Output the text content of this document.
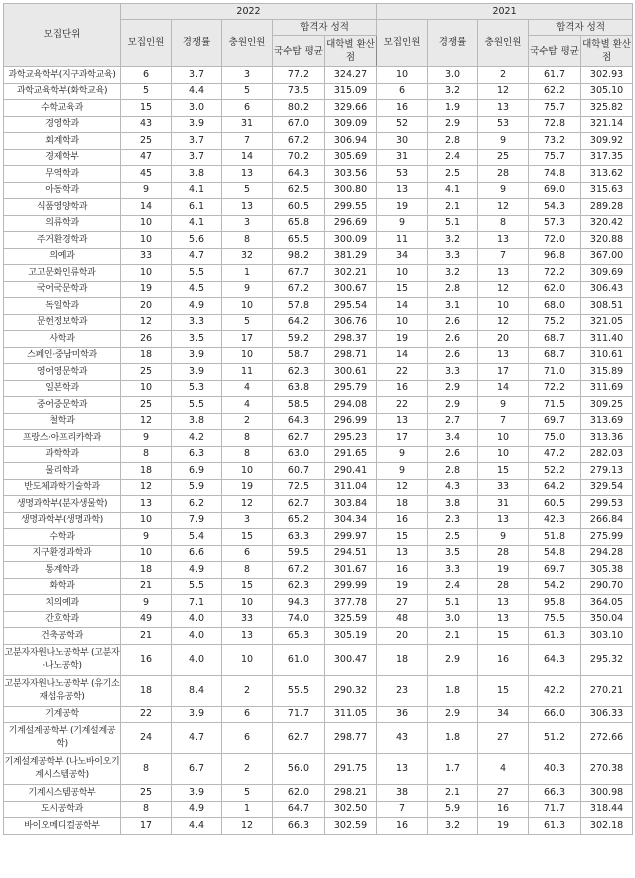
모집단위	2022					2021				
	모집인원	경쟁률	충원인원	합격자 성적		모집인원	경쟁률	충원인원	합격자 성적	
				국수탐 평균	대학별 환산점				국수탐 평균	대학별 환산점
과학교육학부(지구과학교육)	6	3.7	3	77.2	324.27	10	3.0	2	61.7	302.93
과학교육학부(화학교육)	5	4.4	5	73.5	315.09	6	3.2	12	62.2	305.10
수학교육과	15	3.0	6	80.2	329.66	16	1.9	13	75.7	325.82
경영학과	43	3.9	31	67.0	309.09	52	2.9	53	72.8	321.14
회계학과	25	3.7	7	67.2	306.94	30	2.8	9	73.2	309.92
경제학부	47	3.7	14	70.2	305.69	31	2.4	25	75.7	317.35
무역학과	45	3.8	13	64.3	303.56	53	2.5	28	74.8	313.62
아동학과	9	4.1	5	62.5	300.80	13	4.1	9	69.0	315.63
식품영양학과	14	6.1	13	60.5	299.55	19	2.1	12	54.3	289.28
의류학과	10	4.1	3	65.8	296.69	9	5.1	8	57.3	320.42
주거환경학과	10	5.6	8	65.5	300.09	11	3.2	13	72.0	320.88
의예과	33	4.7	32	98.2	381.29	34	3.3	7	96.8	367.00
고고문화인류학과	10	5.5	1	67.7	302.21	10	3.2	13	72.2	309.69
국어국문학과	19	4.5	9	67.2	300.67	15	2.8	12	62.0	306.43
독일학과	20	4.9	10	57.8	295.54	14	3.1	10	68.0	308.51
문헌정보학과	12	3.3	5	64.2	306.76	10	2.6	12	75.2	321.05
사학과	26	3.5	17	59.2	298.37	19	2.6	20	68.7	311.40
스페인·중남미학과	18	3.9	10	58.7	298.71	14	2.6	13	68.7	310.61
영어영문학과	25	3.9	11	62.3	300.61	22	3.3	17	71.0	315.89
일본학과	10	5.3	4	63.8	295.79	16	2.9	14	72.2	311.69
중어중문학과	25	5.5	4	58.5	294.08	22	2.9	9	71.5	309.25
철학과	12	3.8	2	64.3	296.99	13	2.7	7	69.7	313.69
프랑스·아프리카학과	9	4.2	8	62.7	295.23	17	3.4	10	75.0	313.36
과학학과	8	6.3	8	63.0	291.65	9	2.6	10	47.2	282.03
물리학과	18	6.9	10	60.7	290.41	9	2.8	15	52.2	279.13
반도체과학기술학과	12	5.9	19	72.5	311.04	12	4.3	33	64.2	329.54
생명과학부(분자생물학)	13	6.2	12	62.7	303.84	18	3.8	31	60.5	299.53
생명과학부(생명과학)	10	7.9	3	65.2	304.34	16	2.3	13	42.3	266.84
수학과	9	5.4	15	63.3	299.97	15	2.5	9	51.8	275.99
지구환경과학과	10	6.6	6	59.5	294.51	13	3.5	28	54.8	294.28
통계학과	18	4.9	8	67.2	301.67	16	3.3	19	69.7	305.38
화학과	21	5.5	15	62.3	299.99	19	2.4	28	54.2	290.70
치의예과	9	7.1	10	94.3	377.78	27	5.1	13	95.8	364.05
간호학과	49	4.0	33	74.0	325.59	48	3.0	13	75.5	350.04
건축공학과	21	4.0	13	65.3	305.19	20	2.1	15	61.3	303.10
고분자자원나노공학부 (고분자·나노공학)	16	4.0	10	61.0	300.47	18	2.9	16	64.3	295.32
고분자자원나노공학부 (유기소재섬유공학)	18	8.4	2	55.5	290.32	23	1.8	15	42.2	270.21
기계공학	22	3.9	6	71.7	311.05	36	2.9	34	66.0	306.33
기계설계공학부 (기계설계공학)	24	4.7	6	62.7	298.77	43	1.8	27	51.2	272.66
기계설계공학부 (나노바이오기계시스템공학)	8	6.7	2	56.0	291.75	13	1.7	4	40.3	270.38
기계시스템공학부	25	3.9	5	62.0	298.21	38	2.1	27	66.3	300.98
도시공학과	8	4.9	1	64.7	302.50	7	5.9	16	71.7	318.44
바이오메디컬공학부	17	4.4	12	66.3	302.59	16	3.2	19	61.3	302.18
